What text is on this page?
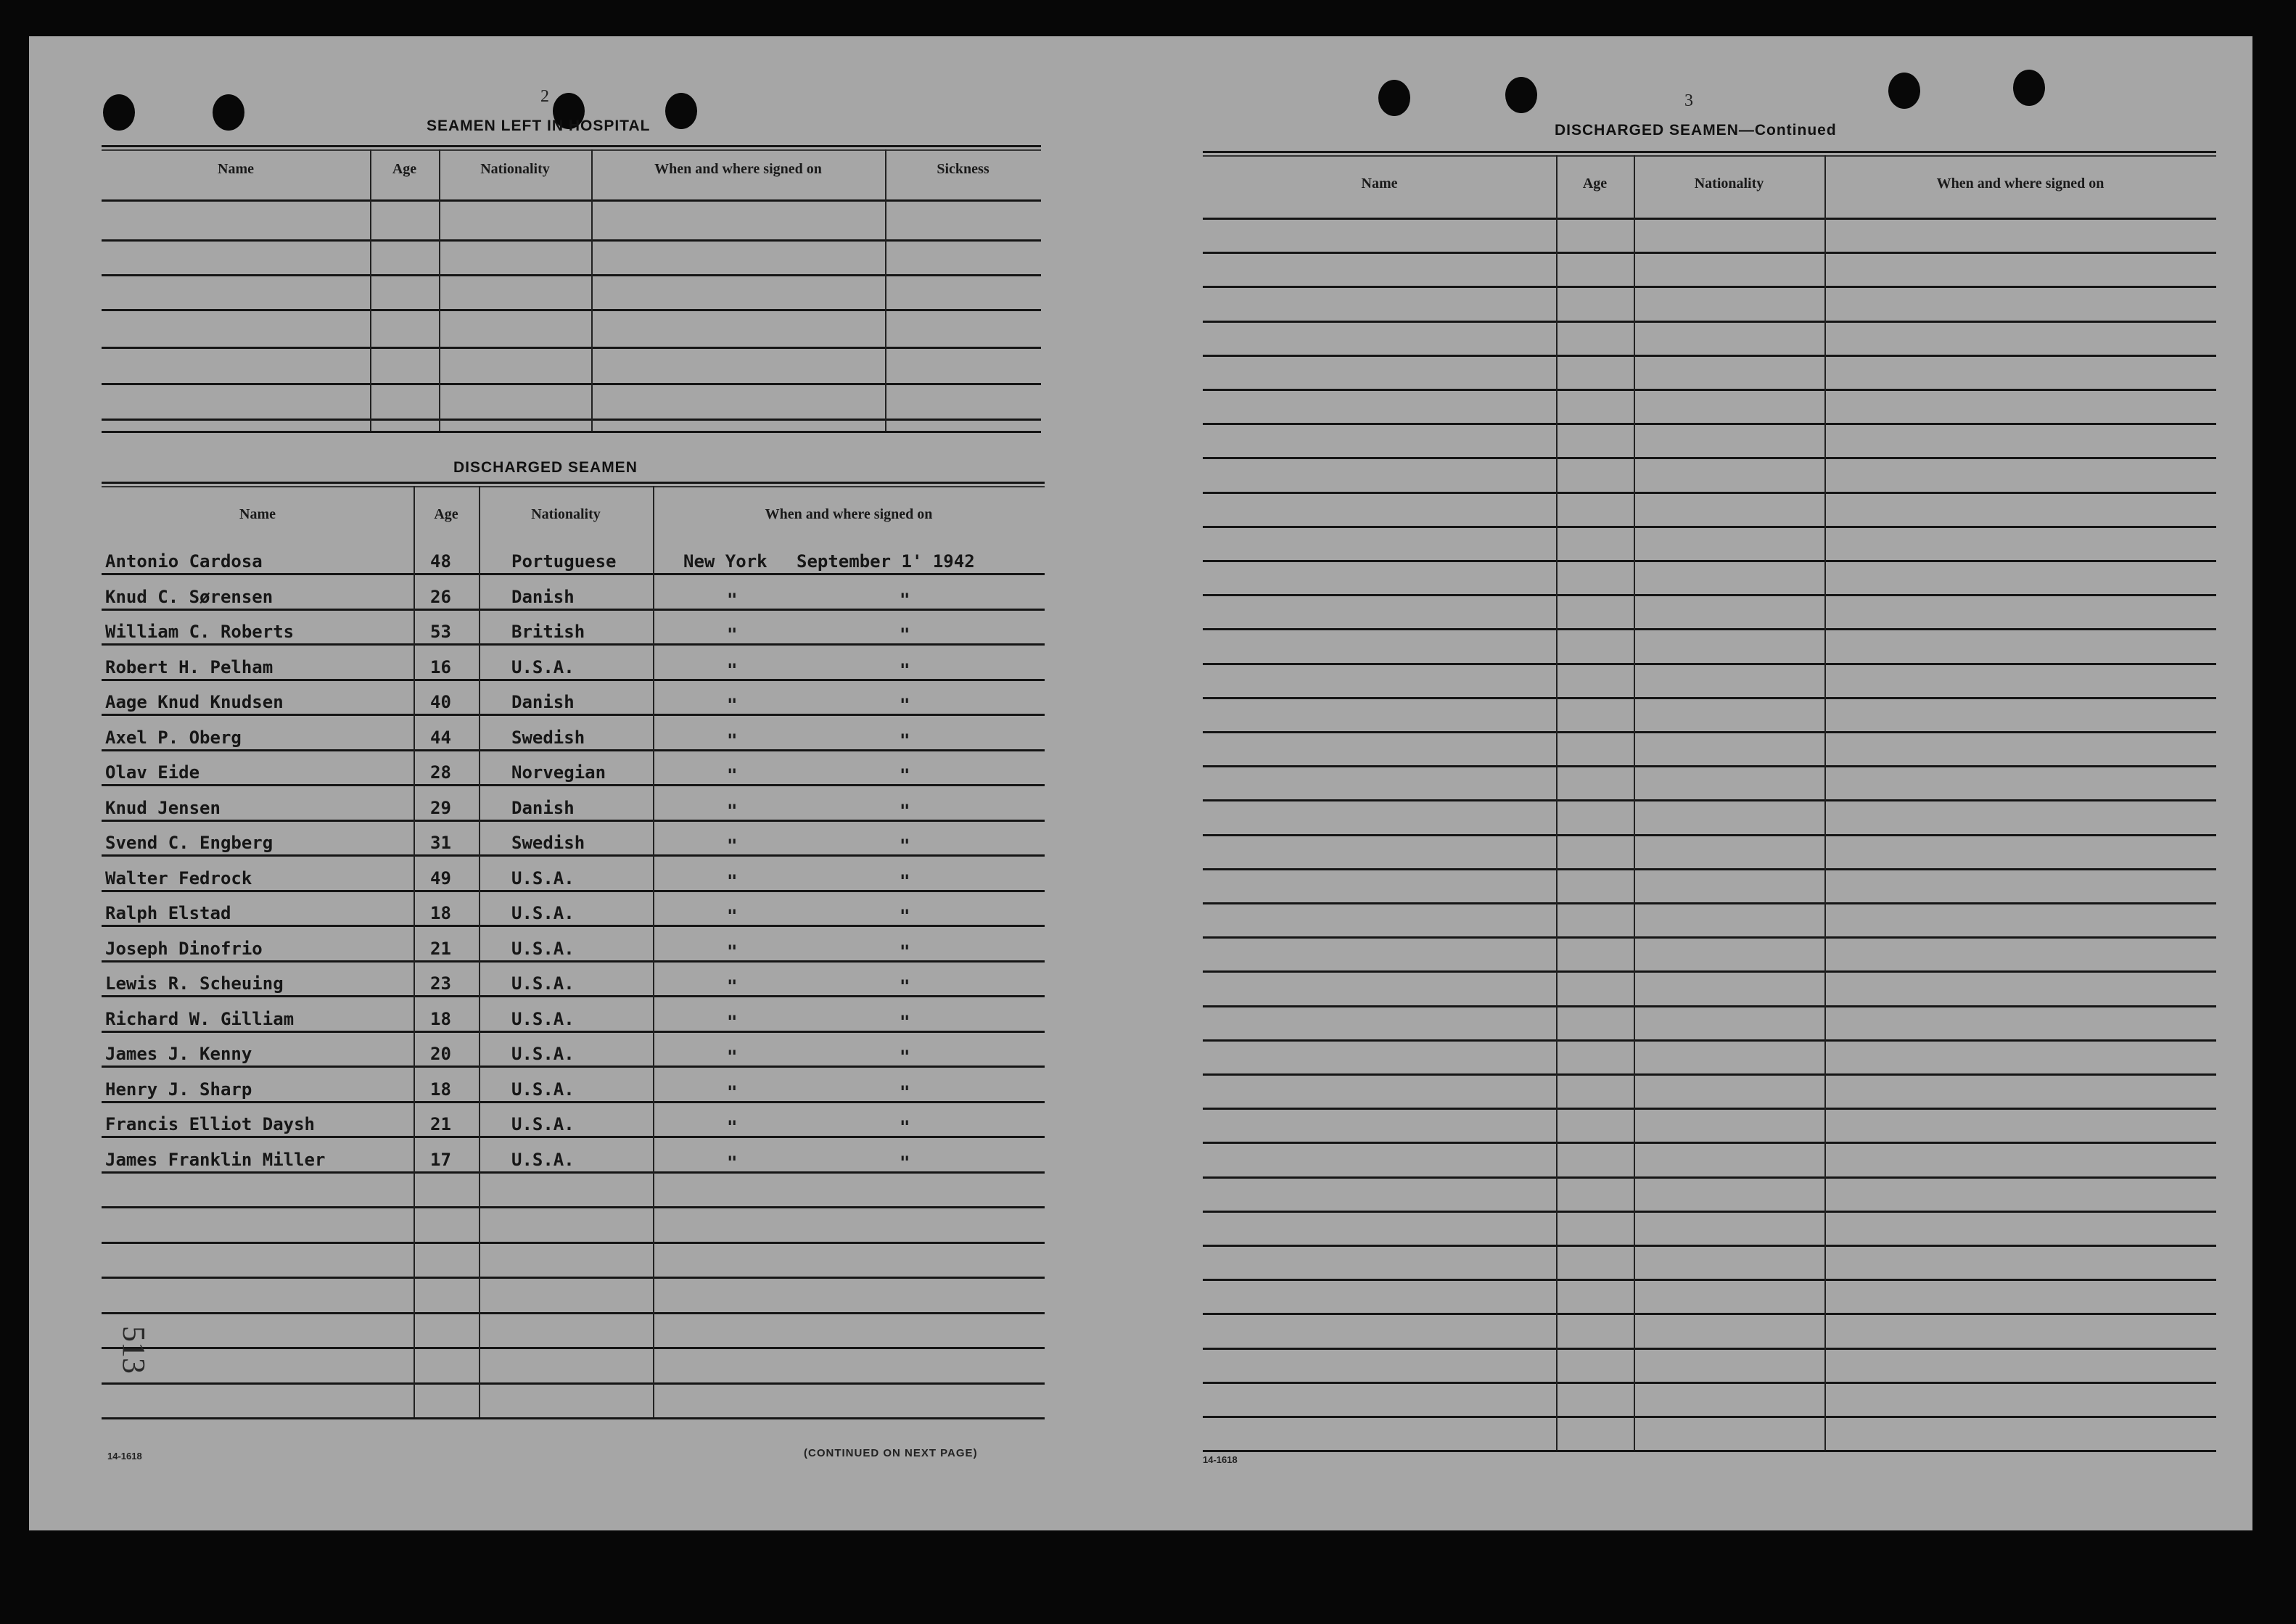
2
SEAMEN LEFT IN HOSPITAL
Name	Age	Nationality	When and where signed on	Sickness
DISCHARGED SEAMEN
Name	Age	Nationality	When and where signed on
Antonio Cardosa	48	Portuguese	New York September 1' 1942
Knud C. Sørensen	26	Danish	"	"
William C. Roberts	53	British	"	"
Robert H. Pelham	16	U.S.A.	"	"
Aage Knud Knudsen	40	Danish	"	"
Axel P. Oberg	44	Swedish	"	"
Olav Eide	28	Norvegian	"	"
Knud Jensen	29	Danish	"	"
Svend C. Engberg	31	Swedish	"	"
Walter Fedrock	49	U.S.A.	"	"
Ralph Elstad	18	U.S.A.	"	"
Joseph Dinofrio	21	U.S.A.	"	"
Lewis R. Scheuing	23	U.S.A.	"	"
Richard W. Gilliam	18	U.S.A.	"	"
James J. Kenny	20	U.S.A.	"	"
Henry J. Sharp	18	U.S.A.	"	"
Francis Elliot Daysh	21	U.S.A.	"	"
James Franklin Miller	17	U.S.A.	"	"
14-1618	(CONTINUED ON NEXT PAGE)
513
3
DISCHARGED SEAMEN—Continued
Name	Age	Nationality	When and where signed on
14-1618
